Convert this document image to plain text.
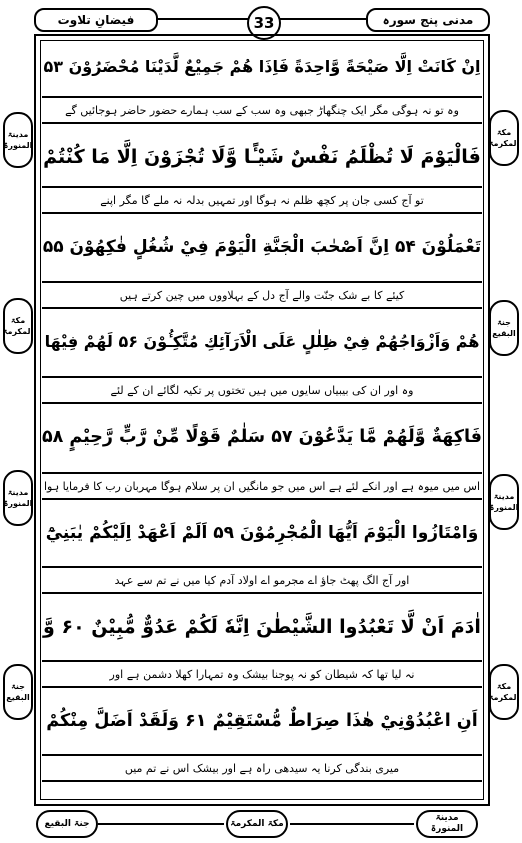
مدنی پنج سورہ
33
فیضانِ تلاوت
اِنْ كَانَتْ اِلَّا صَيْحَةً وَّاحِدَةً فَاِذَا هُمْ جَمِيْعٌ لَّدَيْنَا مُحْضَرُوْنَ ۵۳
وہ تو نہ ہوگی مگر ایک چنگھاڑ جبھی وہ سب کے سب ہمارے حضور حاضر ہوجائیں گے
فَالْيَوْمَ لَا تُظْلَمُ نَفْسٌ شَيْـًٔا وَّلَا تُجْزَوْنَ اِلَّا مَا كُنْتُمْ
تو آج کسی جان پر کچھ ظلم نہ ہوگا اور تمہیں بدلہ نہ ملے گا مگر اپنے
تَعْمَلُوْنَ ۵۴ اِنَّ اَصْحٰبَ الْجَنَّةِ الْيَوْمَ فِيْ شُغُلٍ فٰكِهُوْنَ ۵۵
کیئے کا بے شک جنّت والے آج دل کے بہلاووں میں چین کرتے ہیں
هُمْ وَاَزْوَاجُهُمْ فِيْ ظِلٰلٍ عَلَى الْاَرَآئِكِ مُتَّكِـُٔوْنَ ۵۶ لَهُمْ فِيْهَا
وہ اور ان کی بیبیاں سایوں میں ہیں تختوں پر تکیہ لگائے ان کے لئے
فَاكِهَةٌ وَّلَهُمْ مَّا يَدَّعُوْنَ ۵۷ سَلٰمٌ قَوْلًا مِّنْ رَّبٍّ رَّحِيْمٍ ۵۸
اس میں میوہ ہے اور انکے لئے ہے اس میں جو مانگیں ان پر سلام ہوگا مہربان رب کا فرمایا ہوا
وَامْتَازُوا الْيَوْمَ اَيُّهَا الْمُجْرِمُوْنَ ۵۹ اَلَمْ اَعْهَدْ اِلَيْكُمْ يٰبَنِيْٓ
اور آج الگ پھٹ جاؤ اے مجرمو اے اولاد آدم کیا میں نے تم سے عہد
اٰدَمَ اَنْ لَّا تَعْبُدُوا الشَّيْطٰنَ اِنَّهٗ لَكُمْ عَدُوٌّ مُّبِيْنٌ ۶۰ وَّ
نہ لیا تھا کہ شیطان کو نہ پوجنا بیشک وہ تمہارا کھلا دشمن ہے اور
اَنِ اعْبُدُوْنِيْ هٰذَا صِرَاطٌ مُّسْتَقِيْمٌ ۶۱ وَلَقَدْ اَضَلَّ مِنْكُمْ
میری بندگی کرنا یہ سیدھی راہ ہے اور بیشک اس نے تم میں
مدینۃ المنورۃ
مکۃ المکرمۃ
مدینۃ المنورۃ
جنۃ البقیع
مکۃ المکرمۃ
جنۃ البقیع
مدینۃ المنورۃ
مکۃ المکرمۃ
جنۃ البقیع	مکۃ المکرمۃ
مدینۃ المنورۃ
